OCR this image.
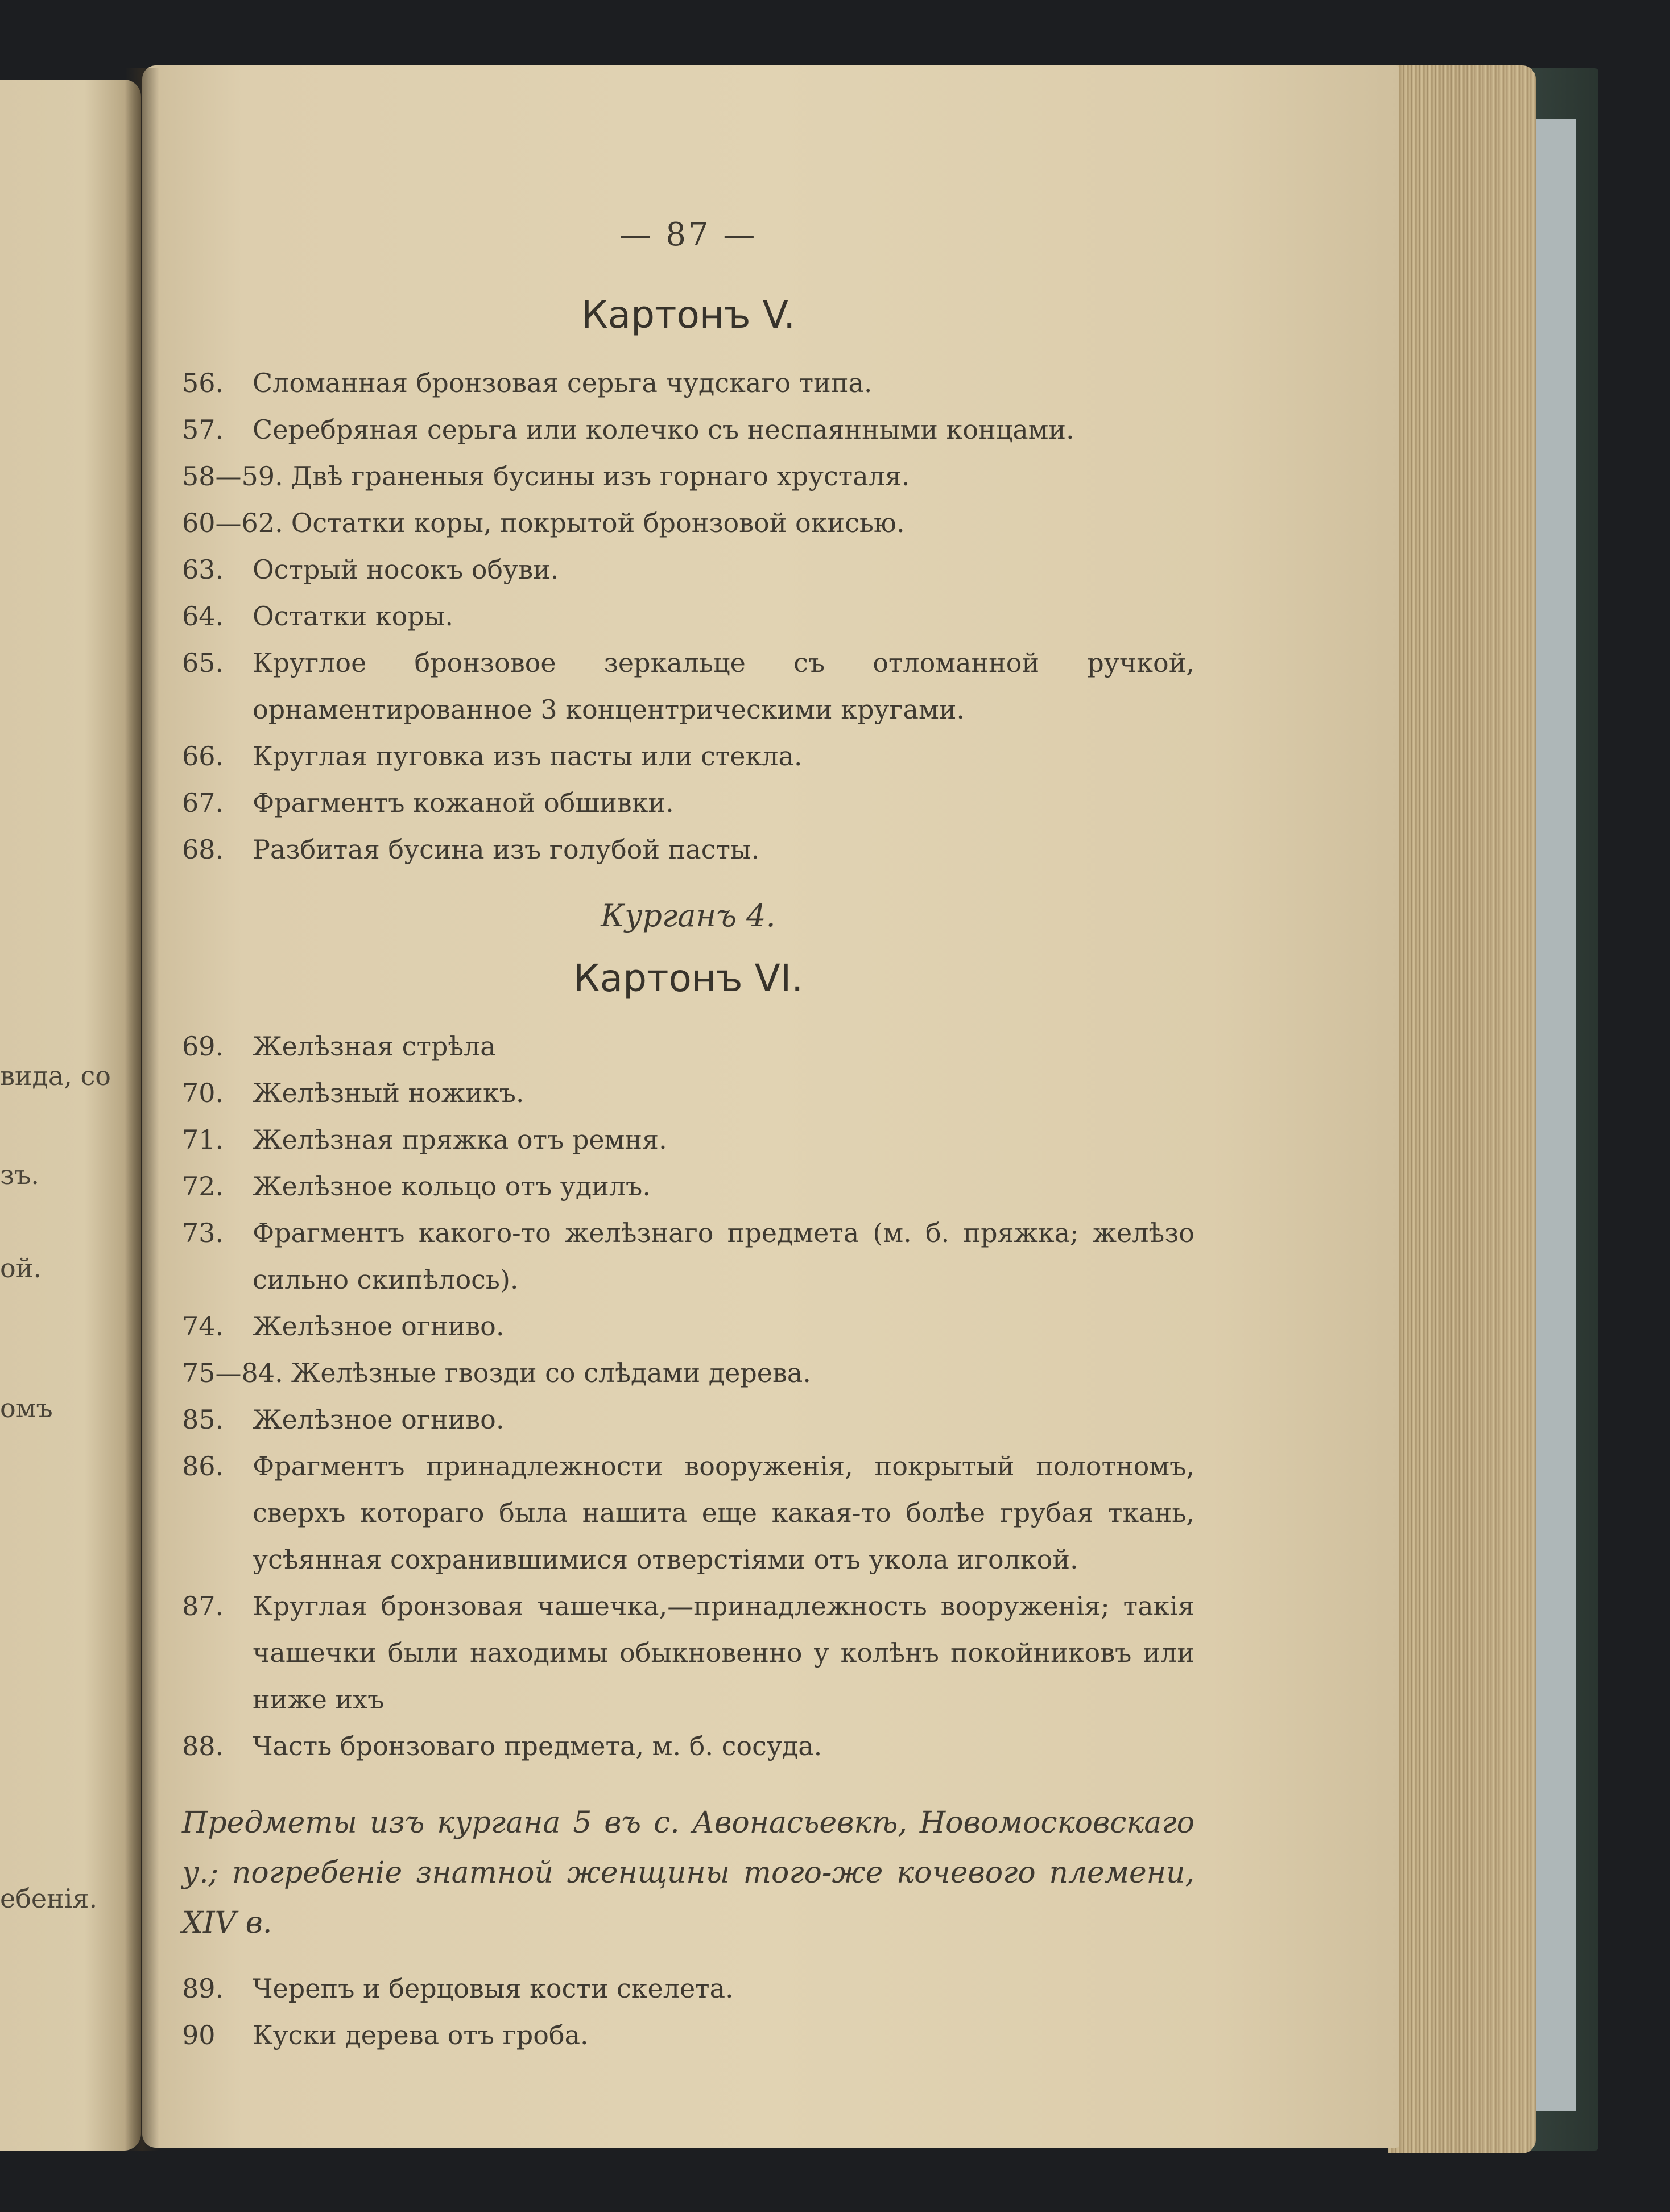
вида, со
зъ.
ой.
омъ
ебенія.
— 87 —
Картонъ V.
56.	Сломанная бронзовая серьга чудскаго типа.
57.	Серебряная серьга или колечко съ неспаянными концами.
58—59. Двѣ граненыя бусины изъ горнаго хрусталя.
60—62. Остатки коры, покрытой бронзовой окисью.
63.	Острый носокъ обуви.
64.	Остатки коры.
65.	Круглое бронзовое зеркальце съ отломанной ручкой, орнаментированное 3 концентрическими кругами.
66.	Круглая пуговка изъ пасты или стекла.
67.	Фрагментъ кожаной обшивки.
68.	Разбитая бусина изъ голубой пасты.
Курганъ 4.
Картонъ VI.
69.	Желѣзная стрѣла
70.	Желѣзный ножикъ.
71.	Желѣзная пряжка отъ ремня.
72.	Желѣзное кольцо отъ удилъ.
73.	Фрагментъ какого-то желѣзнаго предмета (м. б. пряжка; желѣзо сильно скипѣлось).
74.	Желѣзное огниво.
75—84. Желѣзные гвозди со слѣдами дерева.
85.	Желѣзное огниво.
86.	Фрагментъ принадлежности вооруженія, покрытый полотномъ, сверхъ котораго была нашита еще какая-то болѣе грубая ткань, усѣянная сохранившимися отверстіями отъ укола иголкой.
87.	Круглая бронзовая чашечка,—принадлежность вооруженія; такія чашечки были находимы обыкновенно у колѣнъ покойниковъ или ниже ихъ
88.	Часть бронзоваго предмета, м. б. сосуда.
Предметы изъ кургана 5 въ с. Авонасьевкѣ, Новомосковскаго у.; погребеніе знатной женщины того-же кочевого племени, XIV в.
89.	Черепъ и берцовыя кости скелета.
90	Куски дерева отъ гроба.
